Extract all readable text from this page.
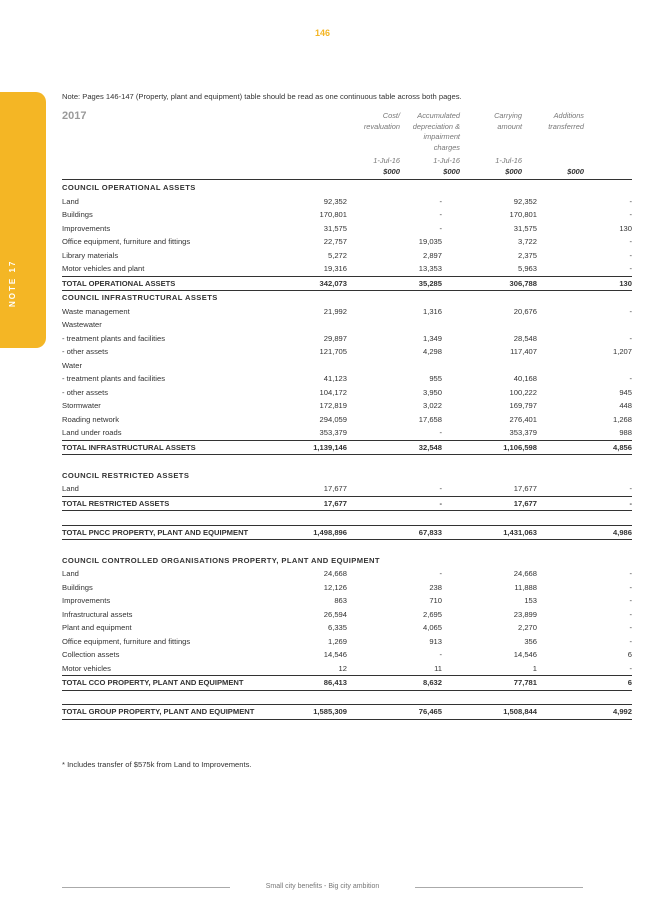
146
NOTE 17
Note: Pages 146-147 (Property, plant and equipment) table should be read as one continuous table across both pages.
2017	Cost/
revaluation
Accumulated
depreciation &
impairment
charges
Carrying
amount
Additions
transferred
1-Jul-16	1-Jul-16	1-Jul-16
$000	$000	$000	$000
COUNCIL OPERATIONAL ASSETS					
Land		92,352	-	92,352	-
Buildings		170,801	-	170,801	-
Improvements		31,575	-	31,575	130
Office equipment, furniture and fittings		22,757	19,035	3,722	-
Library materials		5,272	2,897	2,375	-
Motor vehicles and plant		19,316	13,353	5,963	-
TOTAL OPERATIONAL ASSETS		342,073	35,285	306,788	130
COUNCIL INFRASTRUCTURAL ASSETS					
Waste management		21,992	1,316	20,676	-
Wastewater					
- treatment plants and facilities		29,897	1,349	28,548	-
- other assets		121,705	4,298	117,407	1,207
Water					
- treatment plants and facilities		41,123	955	40,168	-
- other assets		104,172	3,950	100,222	945
Stormwater		172,819	3,022	169,797	448
Roading network		294,059	17,658	276,401	1,268
Land under roads		353,379	-	353,379	988
TOTAL INFRASTRUCTURAL ASSETS		1,139,146	32,548	1,106,598	4,856

COUNCIL RESTRICTED ASSETS					
Land		17,677	-	17,677	-
TOTAL RESTRICTED ASSETS		17,677	-	17,677	-

TOTAL PNCC PROPERTY, PLANT AND EQUIPMENT		1,498,896	67,833	1,431,063	4,986

COUNCIL CONTROLLED ORGANISATIONS PROPERTY, PLANT AND EQUIPMENT					
Land		24,668	-	24,668	-
Buildings		12,126	238	11,888	-
Improvements		863	710	153	-
Infrastructural assets		26,594	2,695	23,899	-
Plant and equipment		6,335	4,065	2,270	-
Office equipment, furniture and fittings		1,269	913	356	-
Collection assets		14,546	-	14,546	6
Motor vehicles		12	11	1	-
TOTAL CCO PROPERTY, PLANT AND EQUIPMENT		86,413	8,632	77,781	6

TOTAL GROUP PROPERTY, PLANT AND EQUIPMENT		1,585,309	76,465	1,508,844	4,992
* Includes transfer of $575k from Land to Improvements.
Small city benefits - Big city ambition
